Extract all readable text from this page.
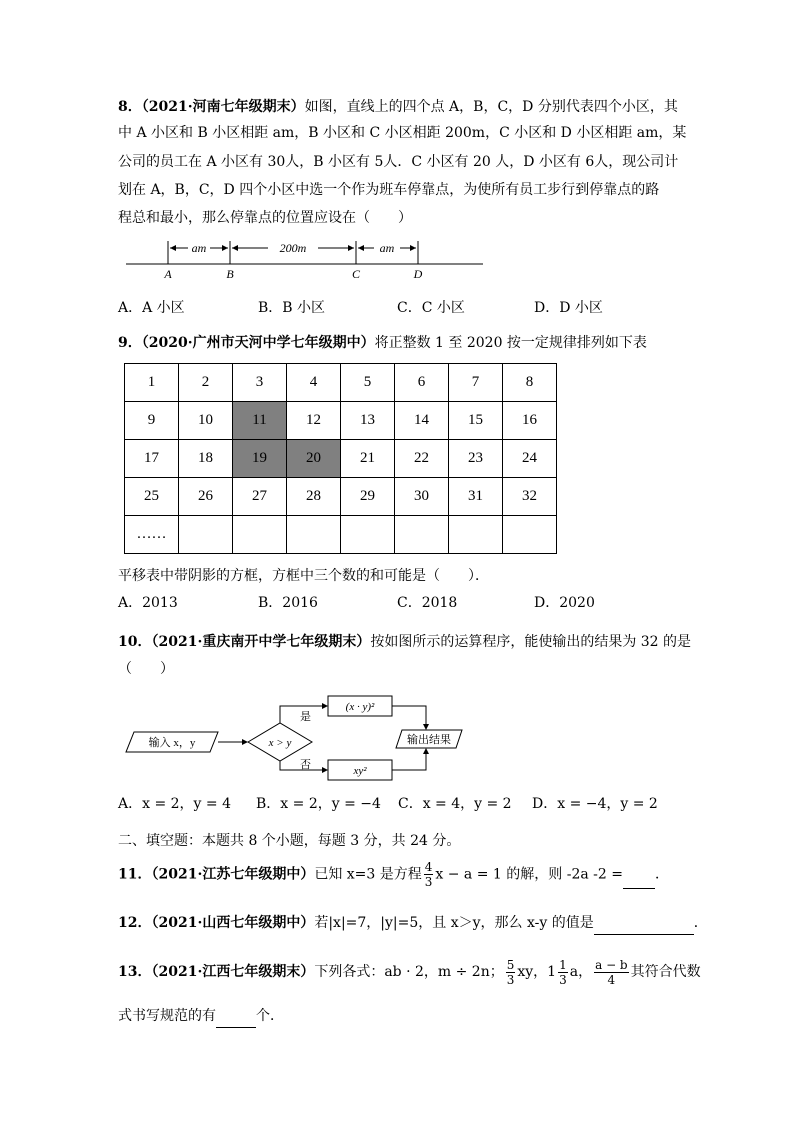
8．（2021·河南七年级期末）如图，直线上的四个点 A，B，C，D 分别代表四个小区，其
中 A 小区和 B 小区相距 am，B 小区和 C 小区相距 200m，C 小区和 D 小区相距 am，某
公司的员工在 A 小区有 30人，B 小区有 5人．C 小区有 20 人，D 小区有 6人，现公司计
划在 A，B，C，D 四个小区中选一个作为班车停靠点，为使所有员工步行到停靠点的路
程总和最小，那么停靠点的位置应设在（　　）
am	200m	am
A	B	C	D
A．A 小区	B．B 小区	C．C 小区	D．D 小区
9．（2020·广州市天河中学七年级期中）将正整数 1 至 2020 按一定规律排列如下表
1	2	3	4	5	6	7	8
9	10	11	12	13	14	15	16
17	18	19	20	21	22	23	24
25	26	27	28	29	30	31	32
……							
平移表中带阴影的方框，方框中三个数的和可能是（　　）．
A．2013	B．2016	C．2018	D．2020
10．（2021·重庆南开中学七年级期末）按如图所示的运算程序，能使输出的结果为 32 的是
（　　）
输入 x，y	x > y
是
否
(x · y)²
xy²
输出结果
A．x = 2，y = 4 B．x = 2，y = −4 C．x = 4，y = 2 D．x = −4，y = 2
二、填空题：本题共 8 个小题，每题 3 分，共 24 分。
11．（2021·江苏七年级期中）已知 x=3 是方程 $\frac{4}{3}$ x − a = 1 的解，则 -2a -2 = ．
12．（2021·山西七年级期中）若|x|=7，|y|=5，且 x＞y，那么 x-y 的值是	．
13．（2021·江西七年级期末）下列各式：ab · 2，m ÷ 2n； $\frac{5}{3}$ xy，$1 \frac{1}{3}$ a， $\frac{a - b}{4}$ 其符合代数
式书写规范的有	个．
